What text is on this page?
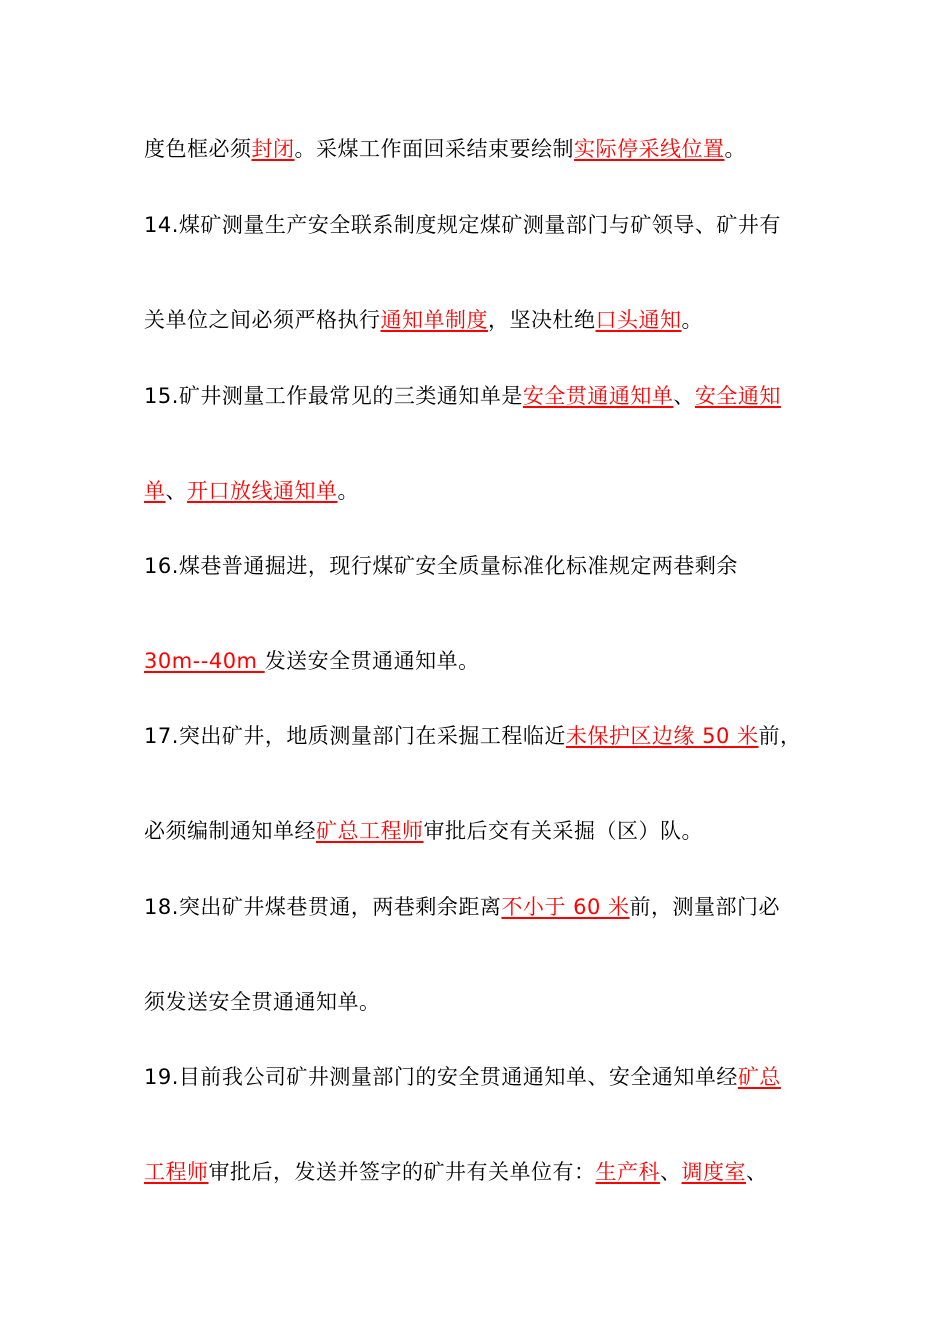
度色框必须封闭。采煤工作面回采结束要绘制实际停采线位置。
14.煤矿测量生产安全联系制度规定煤矿测量部门与矿领导、矿井有
关单位之间必须严格执行通知单制度，坚决杜绝口头通知。
15.矿井测量工作最常见的三类通知单是安全贯通通知单、安全通知
单、开口放线通知单。
16.煤巷普通掘进，现行煤矿安全质量标准化标准规定两巷剩余
30m--40m 发送安全贯通通知单。
17.突出矿井，地质测量部门在采掘工程临近未保护区边缘 50 米前，
必须编制通知单经矿总工程师审批后交有关采掘（区）队。
18.突出矿井煤巷贯通，两巷剩余距离不小于 60 米前，测量部门必
须发送安全贯通通知单。
19.目前我公司矿井测量部门的安全贯通通知单、安全通知单经矿总
工程师审批后，发送并签字的矿井有关单位有：生产科、调度室、
